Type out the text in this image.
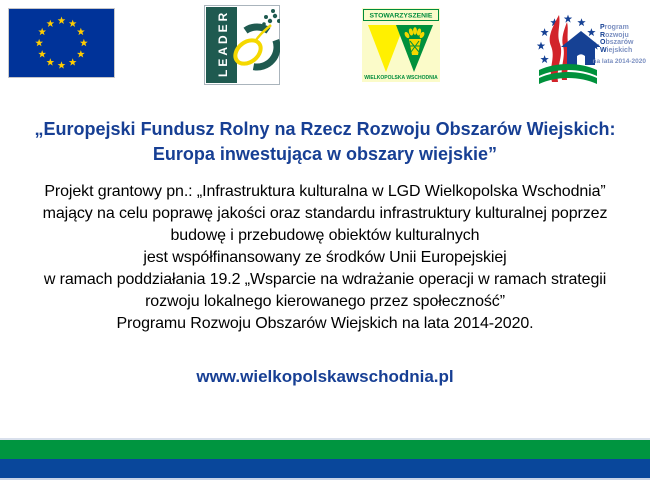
LEADER	STOWARZYSZENIE
WIELKOPOLSKA WSCHODNIA
Program
Rozwoju
Obszarów
Wiejskich
na lata 2014-2020
„Europejski Fundusz Rolny na Rzecz Rozwoju Obszarów Wiejskich:
Europa inwestująca w obszary wiejskie”
Projekt grantowy pn.: „Infrastruktura kulturalna w LGD Wielkopolska Wschodnia”
mający na celu poprawę jakości oraz standardu infrastruktury kulturalnej poprzez
budowę i przebudowę obiektów kulturalnych
jest współfinansowany ze środków Unii Europejskiej
w ramach poddziałania 19.2 „Wsparcie na wdrażanie operacji w ramach strategii
rozwoju lokalnego kierowanego przez społeczność”
Programu Rozwoju Obszarów Wiejskich na lata 2014-2020.
www.wielkopolskawschodnia.pl
